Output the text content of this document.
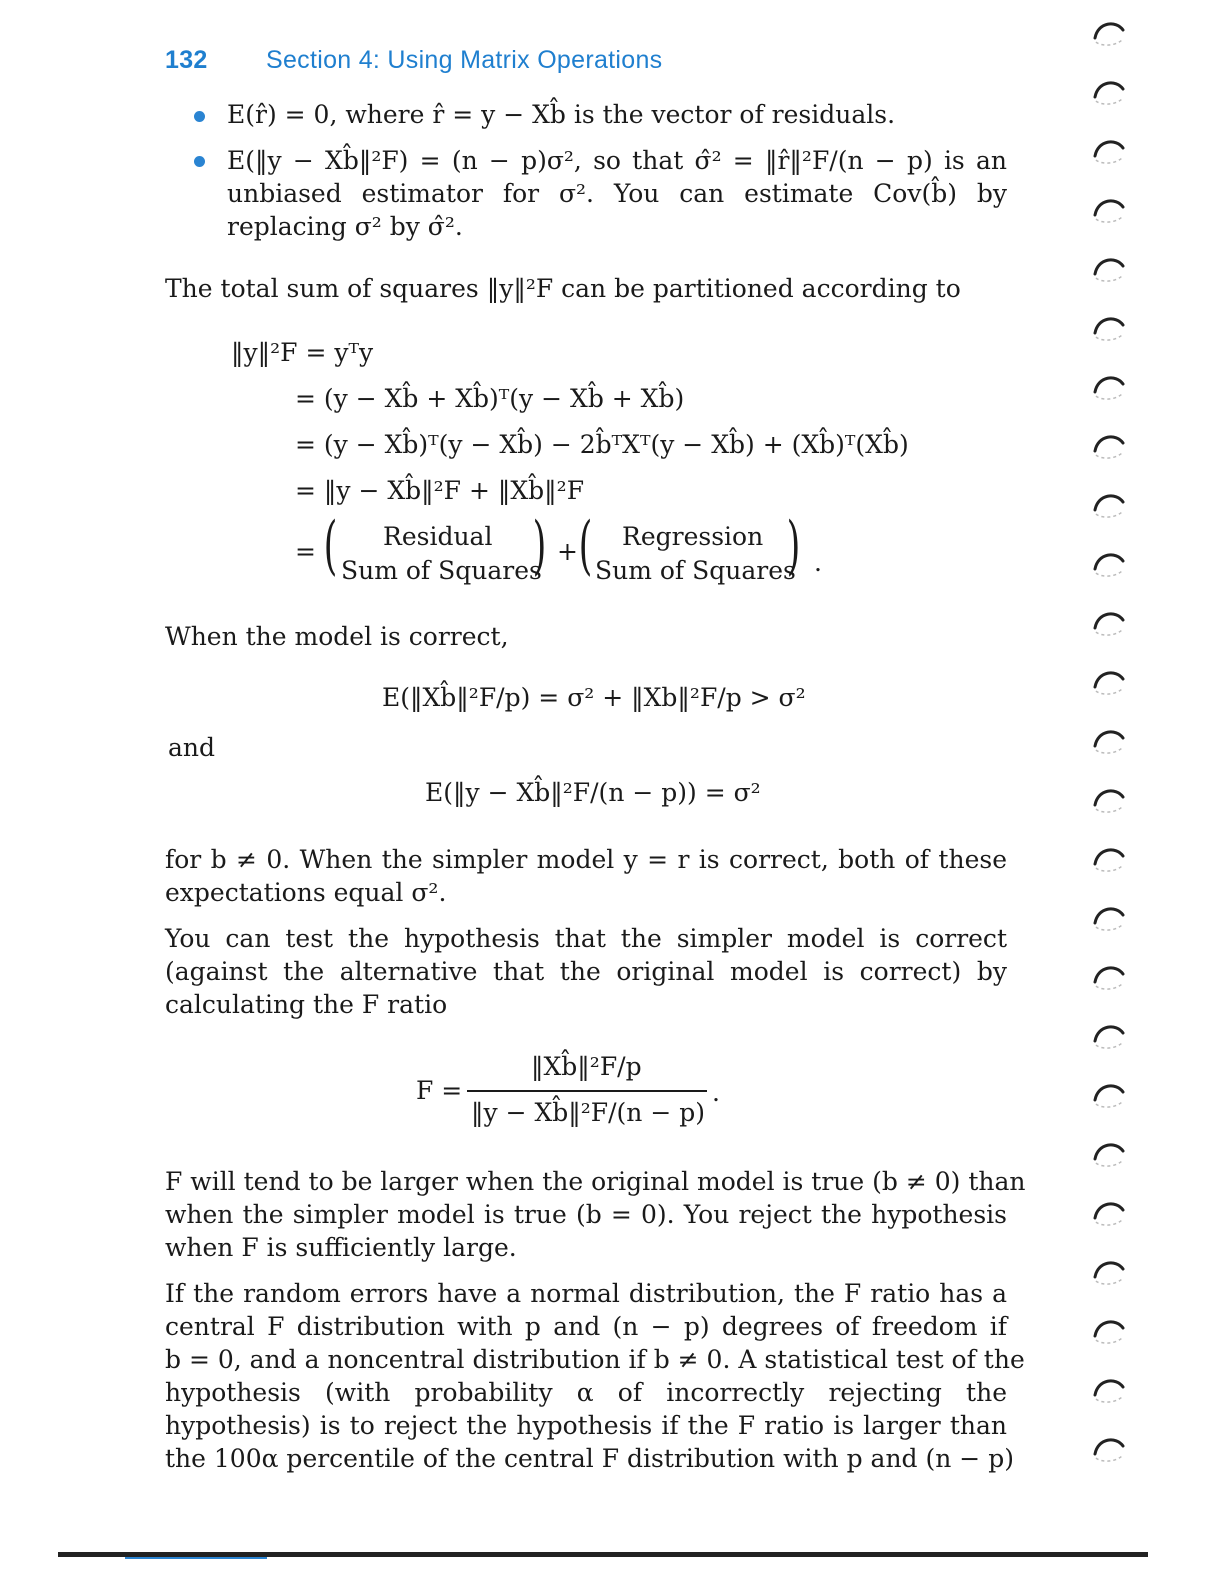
132 Section 4: Using Matrix Operations
E(r̂) = 0, where r̂ = y − Xb̂ is the vector of residuals.
E(‖y − Xb̂‖²F) = (n − p)σ², so that σ̂² = ‖r̂‖²F/(n − p) is an
unbiased estimator for σ². You can estimate Cov(b̂) by
replacing σ² by σ̂².
The total sum of squares ‖y‖²F can be partitioned according to
‖y‖²F = yᵀy
= (y − Xb̂ + Xb̂)ᵀ(y − Xb̂ + Xb̂)
= (y − Xb̂)ᵀ(y − Xb̂) − 2b̂ᵀXᵀ(y − Xb̂) + (Xb̂)ᵀ(Xb̂)
= ‖y − Xb̂‖²F + ‖Xb̂‖²F
= ( Residual
Sum of Squares
) + ( Regression
Sum of Squares
) .
When the model is correct,
E(‖Xb̂‖²F/p) = σ² + ‖Xb‖²F/p > σ²
and
E(‖y − Xb̂‖²F/(n − p)) = σ²
for b ≠ 0. When the simpler model y = r is correct, both of these
expectations equal σ².
You can test the hypothesis that the simpler model is correct
(against the alternative that the original model is correct) by
calculating the F ratio
F =
‖Xb̂‖²F/p
‖y − Xb̂‖²F/(n − p)
.
F will tend to be larger when the original model is true (b ≠ 0) than
when the simpler model is true (b = 0). You reject the hypothesis
when F is sufficiently large.
If the random errors have a normal distribution, the F ratio has a
central F distribution with p and (n − p) degrees of freedom if
b = 0, and a noncentral distribution if b ≠ 0. A statistical test of the
hypothesis (with probability α of incorrectly rejecting the
hypothesis) is to reject the hypothesis if the F ratio is larger than
the 100α percentile of the central F distribution with p and (n − p)
